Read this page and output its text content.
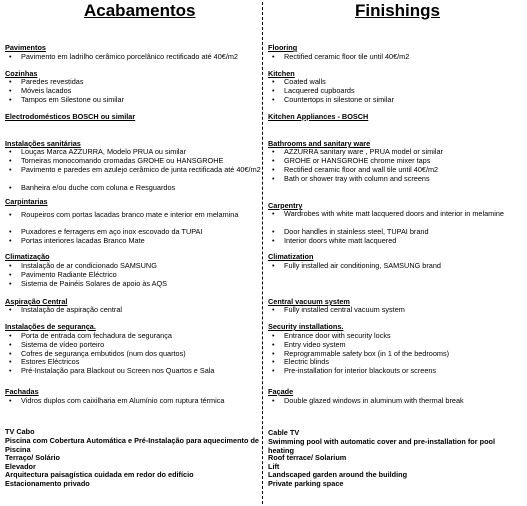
Acabamentos	Finishings
Pavimentos
• Pavimento em ladrilho cerâmico porcelânico rectificado até 40€/m2
Cozinhas
• Paredes revestidas
• Móveis lacados
• Tampos em Silestone ou similar
Electrodomésticos BOSCH ou similar
Instalações sanitárias
• Louças Marca AZZURRA, Modelo PRUA ou similar
• Torneiras monocomando cromadas GROHE ou HANSGROHE
• Pavimento e paredes em azulejo cerâmico de junta rectificada até 40€/m2
• Banheira e/ou duche com coluna e Resguardos
Carpintarias
• Roupeiros com portas lacadas branco mate e interior em melamina
• Puxadores e ferragens em aço inox escovado da TUPAI
• Portas interiores lacadas Branco Mate
Climatização
• Instalação de ar condicionado SAMSUNG
• Pavimento Radiante Eléctrico
• Sistema de Painéis Solares de apoio às AQS
Aspiração Central
• Instalação de aspiração central
Instalações de segurança.
• Porta de entrada com fechadura de segurança
• Sistema de vídeo porteiro
• Cofres de segurança embutidos (num dos quartos)
• Estores Eléctricos
• Pré-Instalação para Blackout ou Screen nos Quartos e Sala
Fachadas
• Vidros duplos com caixilharia em Alumínio com ruptura térmica
TV Cabo
Piscina com Cobertura Automática e Pré-Instalação para aquecimento de Piscina
Terraço/ Solário
Elevador
Arquitectura paisagística cuidada em redor do edifício
Estacionamento privado
Flooring
• Rectified ceramic floor tile until 40€/m2
Kitchen
• Coated walls
• Lacquered cupboards
• Countertops in silestone or similar
Kitchen Appliances - BOSCH
Bathrooms and sanitary ware
• AZZURRA sanitary ware , PRUA model or similar
• GROHE or HANSGROHE chrome mixer taps
• Rectified ceramic floor and wall tile until 40€/m2
• Bath or shower tray with column and screens
Carpentry
• Wardrobes with white matt lacquered doors and interior in melamine
• Door handles in stainless steel, TUPAI brand
• Interior doors white matt lacquered
Climatization
• Fully installed air conditioning, SAMSUNG brand
Central vacuum system
• Fully installed central vacuum system
Security installations.
• Entrance door with security locks
• Entry video system
• Reprogrammable safety box (in 1 of the bedrooms)
• Electric blinds
• Pre-installation for interior blackouts or screens
Façade
• Double glazed windows in aluminum with thermal break
Cable TV
Swimming pool with automatic cover and pre-installation for pool heating
Roof terrace/ Solarium
Lift
Landscaped garden around the building
Private parking space
